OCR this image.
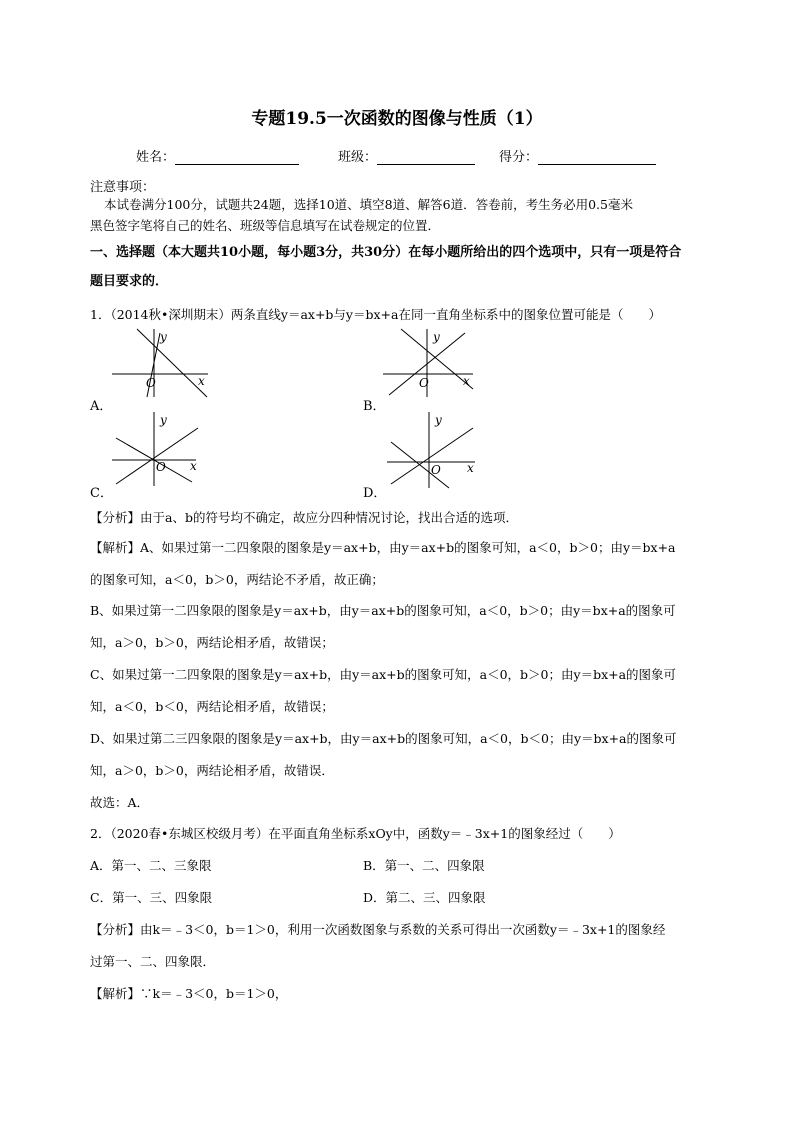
专题19.5一次函数的图像与性质（1）
姓名：	班级：	得分：
注意事项：
本试卷满分100分，试题共24题，选择10道、填空8道、解答6道．答卷前，考生务必用0.5毫米
黑色签字笔将自己的姓名、班级等信息填写在试卷规定的位置．
一、选择题（本大题共10小题，每小题3分，共30分）在每小题所给出的四个选项中，只有一项是符合
题目要求的．
1．（2014秋•深圳期末）两条直线y＝ax+b与y＝bx+a在同一直角坐标系中的图象位置可能是（　　）
y
O	x
A．
y
O	x
B．
y
O x
C．
y
O x
D．
【分析】由于a、b的符号均不确定，故应分四种情况讨论，找出合适的选项．
【解析】A、如果过第一二四象限的图象是y＝ax+b，由y＝ax+b的图象可知，a＜0，b＞0；由y＝bx+a
的图象可知，a＜0，b＞0，两结论不矛盾，故正确；
B、如果过第一二四象限的图象是y＝ax+b，由y＝ax+b的图象可知，a＜0，b＞0；由y＝bx+a的图象可
知，a＞0，b＞0，两结论相矛盾，故错误；
C、如果过第一二四象限的图象是y＝ax+b，由y＝ax+b的图象可知，a＜0，b＞0；由y＝bx+a的图象可
知，a＜0，b＜0，两结论相矛盾，故错误；
D、如果过第二三四象限的图象是y＝ax+b，由y＝ax+b的图象可知，a＜0，b＜0；由y＝bx+a的图象可
知，a＞0，b＞0，两结论相矛盾，故错误．
故选：A．
2．（2020春•东城区校级月考）在平面直角坐标系xOy中，函数y＝﹣3x+1的图象经过（　　）
A．第一、二、三象限	B．第一、二、四象限
C．第一、三、四象限	D．第二、三、四象限
【分析】由k＝﹣3＜0，b＝1＞0，利用一次函数图象与系数的关系可得出一次函数y＝﹣3x+1的图象经
过第一、二、四象限．
【解析】∵k＝﹣3＜0，b＝1＞0，
